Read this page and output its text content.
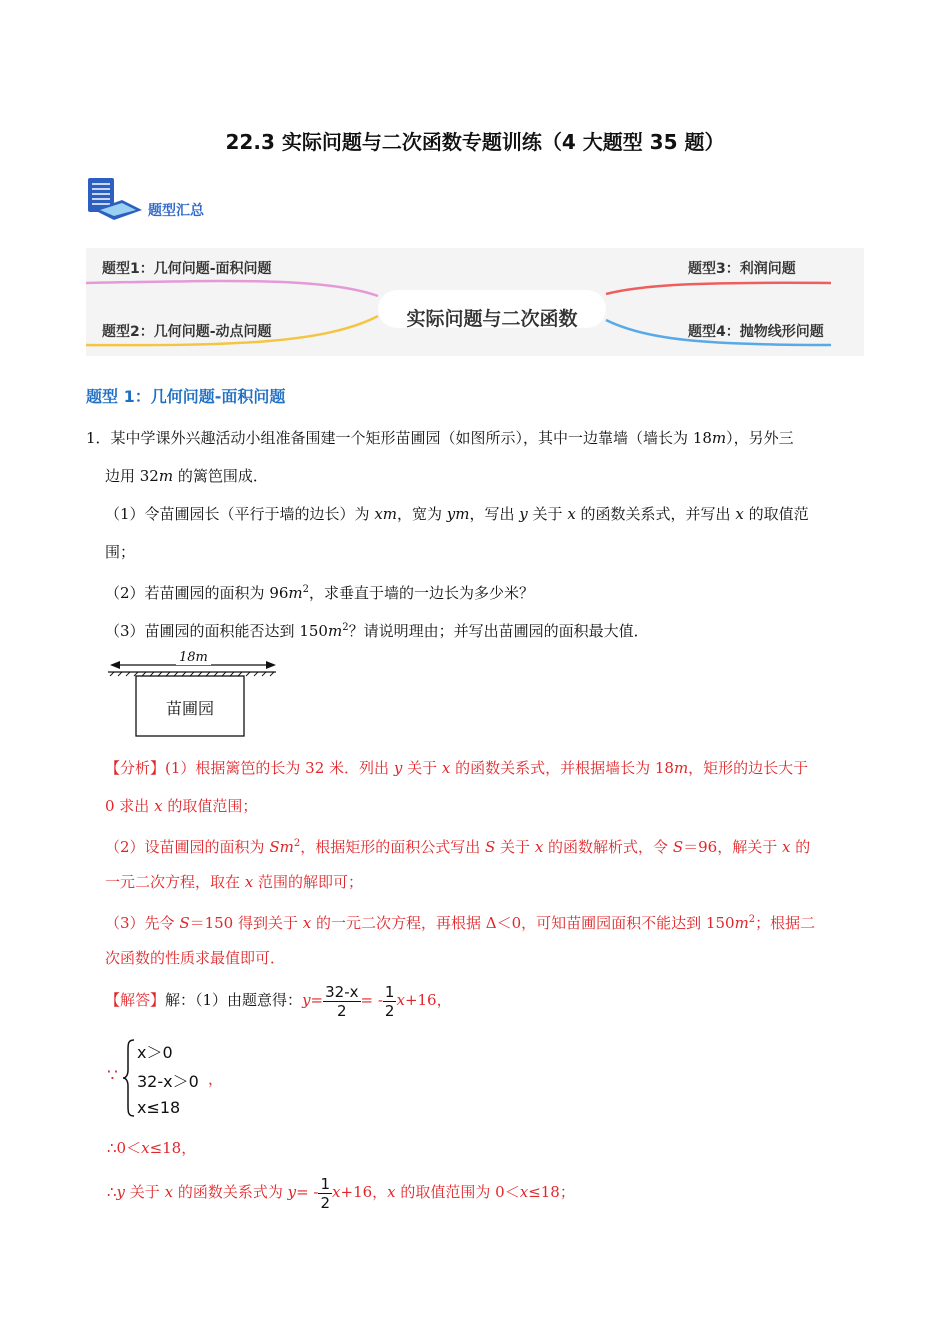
22.3 实际问题与二次函数专题训练（4 大题型 35 题）
题型汇总
题型1：几何问题-面积问题
题型2：几何问题-动点问题
题型3：利润问题
题型4：抛物线形问题
实际问题与二次函数
题型 1：几何问题-面积问题
1．某中学课外兴趣活动小组准备围建一个矩形苗圃园（如图所示），其中一边靠墙（墙长为 18m），另外三
边用 32m 的篱笆围成．
（1）令苗圃园长（平行于墙的边长）为 xm，宽为 ym，写出 y 关于 x 的函数关系式，并写出 x 的取值范
围；
（2）若苗圃园的面积为 $96m^2$，求垂直于墙的一边长为多少米？
（3）苗圃园的面积能否达到 $150m^2$？请说明理由；并写出苗圃园的面积最大值．
18m
苗圃园
【分析】(1）根据篱笆的长为 32 米．列出 y 关于 x 的函数关系式，并根据墙长为 18m，矩形的边长大于
0 求出 x 的取值范围；
（2）设苗圃园的面积为 Sm$^2$，根据矩形的面积公式写出 S 关于 x 的函数解析式，令 S＝96，解关于 x 的
一元二次方程，取在 x 范围的解即可；
（3）先令 S＝150 得到关于 x 的一元二次方程，再根据 Δ＜0，可知苗圃园面积不能达到 $150m^2$；根据二
次函数的性质求最值即可．
【解答】解：（1）由题意得：$y= \frac{32-x}{2}$ = - $\frac{1}{2} x+16$，
∵
x＞0
32-x＞0
x≤18
，
∴0＜x≤18，
∴y 关于 x 的函数关系式为 $y= - \frac{1}{2} x+16$，x 的取值范围为 0＜x≤18；
